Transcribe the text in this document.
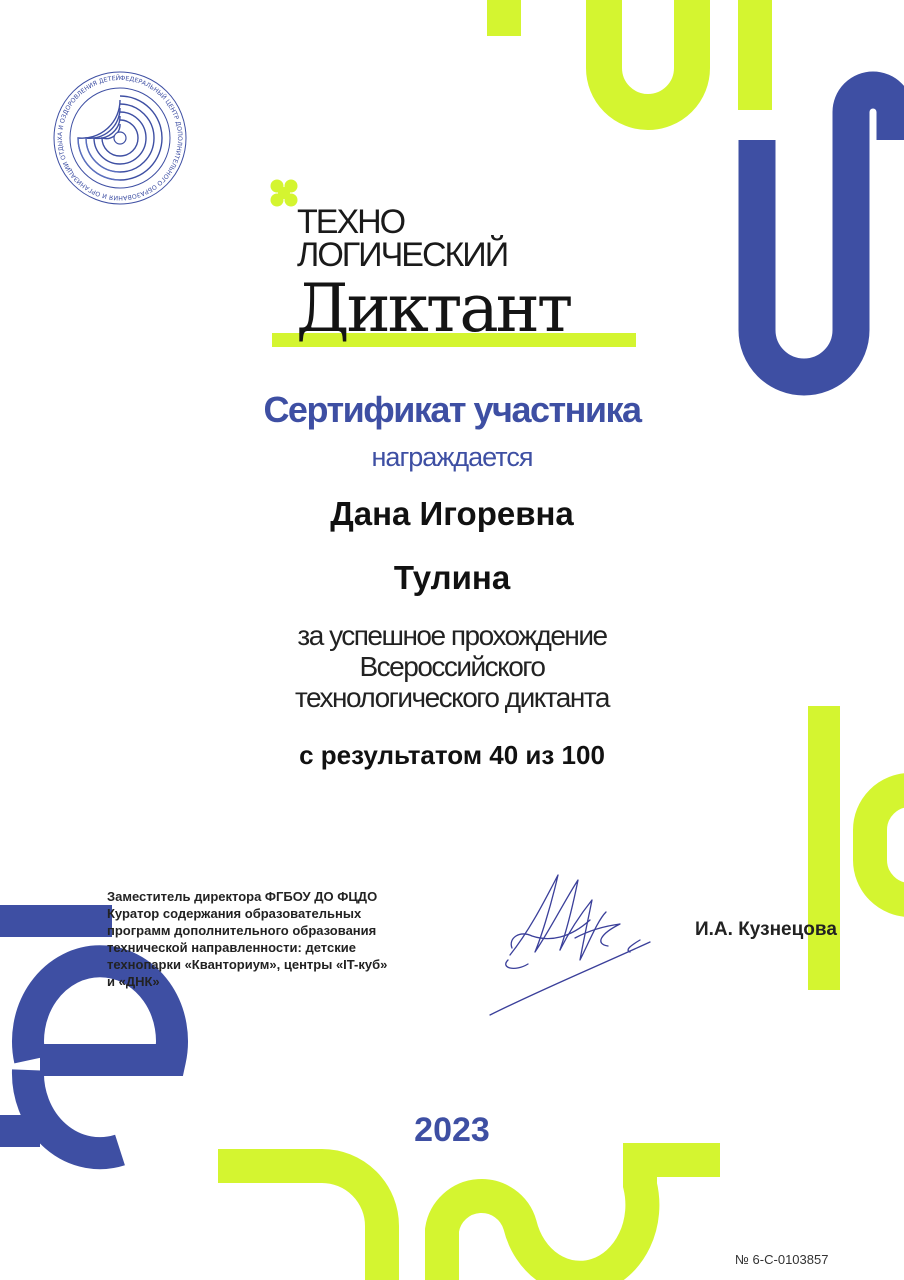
ФЕДЕРАЛЬНЫЙ ЦЕНТР ДОПОЛНИТЕЛЬНОГО ОБРАЗОВАНИЯ И ОРГАНИЗАЦИИ ОТДЫХА И ОЗДОРОВЛЕНИЯ ДЕТЕЙ
ТЕХНО
ЛОГИЧЕСКИЙ
Диктант
Сертификат участника
награждается
Дана Игоревна
Тулина
за успешное прохождение
Всероссийского
технологического диктанта
с результатом 40 из 100
Заместитель директора ФГБОУ ДО ФЦДО
Куратор содержания образовательных
программ дополнительного образования
технической направленности: детские
технопарки «Кванториум», центры «IT-куб»
и «ДНК»
И.А. Кузнецова
2023
№ 6-С-0103857
